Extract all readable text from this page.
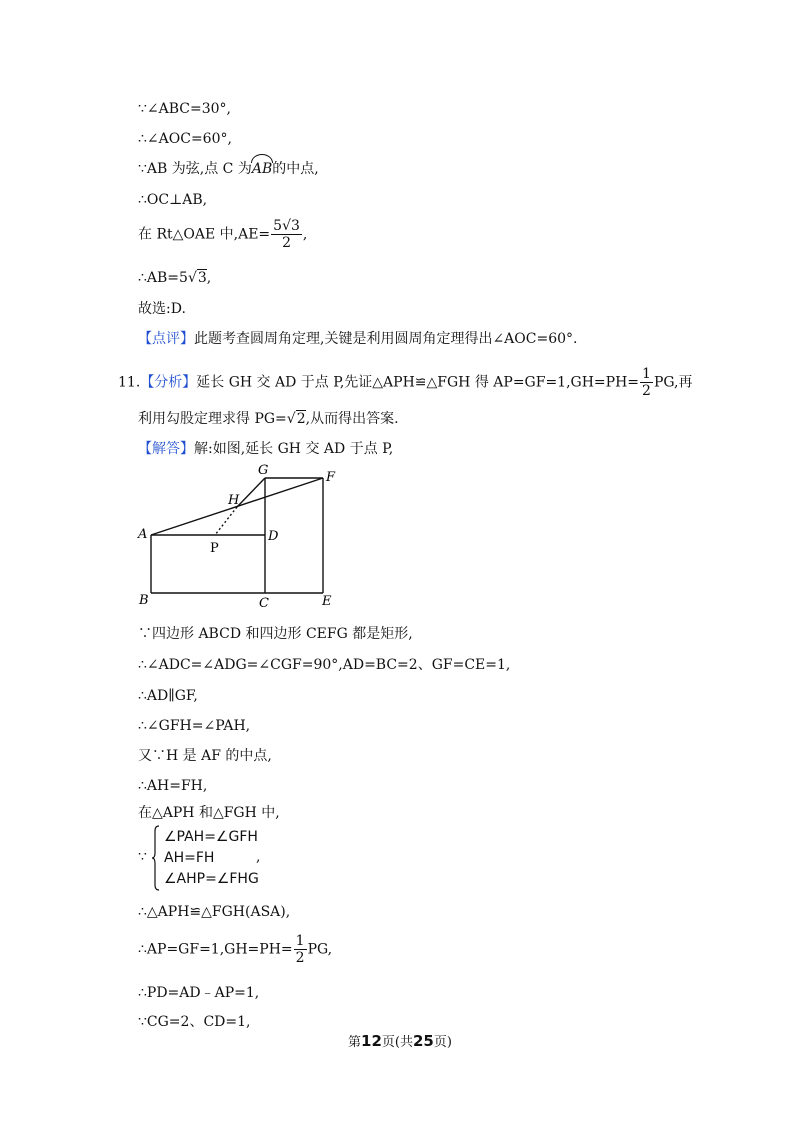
∵∠ABC=30°,
∴∠AOC=60°,
∵AB 为弦,点 C 为AB的中点,
∴OC⊥AB,
在 Rt△OAE 中$,AE= \frac{5√3}{2}$ ,
∴AB=5√3,
故选:D.
【点评】此题考查圆周角定理,关键是利用圆周角定理得出∠AOC=60°.
11.【分析】延长 GH 交 AD 于点 P,先证△APH≌△FGH 得 $AP=GF=1,GH=PH= \frac{1}{2}$ PG,再
利用勾股定理求得 PG=√2,从而得出答案.
【解答】解:如图,延长 GH 交 AD 于点 P,
G	F
H
A	D
P
B	C	E
∵四边形 ABCD 和四边形 CEFG 都是矩形,
∴∠ADC=∠ADG=∠CGF=90°,AD=BC=2、GF=CE=1,
∴AD∥GF,
∴∠GFH=∠PAH,
又∵H 是 AF 的中点,
∴AH=FH,
在△APH 和△FGH 中,
∵
∠PAH=∠GFH
AH=FH
∠AHP=∠FHG
,
∴△APH≌△FGH(ASA),
∴AP=GF=1,GH=PH= $\frac{1}{2}$ PG,
∴PD=AD﹣AP=1,
∵CG=2、CD=1,
第12页(共25页)
